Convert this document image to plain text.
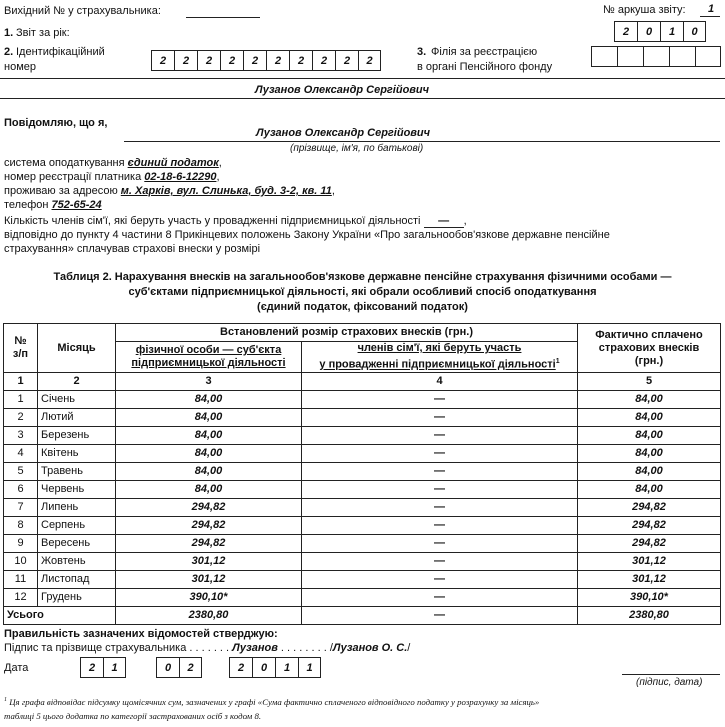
Вихідний № у страхувальника:	№ аркуша звіту: 1
1. Звіт за рік:	2	0	1	0
2. Ідентифікаційний
номер
2	2	2	2	2	2	2	2	2	2
3. Філія за реєстрацією
в органі Пенсійного фонду
Лузанов Олександр Сергійович
Повідомляю, що я,
Лузанов Олександр Сергійович
(прізвище, ім'я, по батькові)
система оподаткування єдиний податок,
номер реєстрації платника 02-18-6-12290,
проживаю за адресою м. Харків, вул. Слинька, буд. 3-2, кв. 11,
телефон 752-65-24
Кількість членів сім'ї, які беруть участь у провадженні підприємницької діяльності — ,
відповідно до пункту 4 частини 8 Прикінцевих положень Закону України «Про загальнообов'язкове державне пенсійне
страхування» сплачував страхові внески у розмірі
Таблиця 2. Нарахування внесків на загальнообов'язкове державне пенсійне страхування фізичними особами —
суб'єктами підприємницької діяльності, які обрали особливий спосіб оподаткування
(єдиний податок, фіксований податок)
№
з/п	Місяць	Встановлений розмір страхових внесків (грн.)		Фактично сплачено
страхових внесків
(грн.)
		фізичної особи — суб'єкта
підприємницької діяльності	членів сім'ї, які беруть участь
у провадженні підприємницької діяльності$^1$
1	2	3	4	5
1	Січень	84,00	—	84,00
2	Лютий	84,00	—	84,00
3	Березень	84,00	—	84,00
4	Квітень	84,00	—	84,00
5	Травень	84,00	—	84,00
6	Червень	84,00	—	84,00
7	Липень	294,82	—	294,82
8	Серпень	294,82	—	294,82
9	Вересень	294,82	—	294,82
10	Жовтень	301,12	—	301,12
11	Листопад	301,12	—	301,12
12	Грудень	390,10*	—	390,10*
Усього		2380,80	—	2380,80
Правильність зазначених відомостей стверджую:
Підпис та прізвище страхувальника . . . . . . . Лузанов . . . . . . . . /Лузанов О. С./
Дата	2	1	0	2	2	0	1	1
(підпис, дата)
$^1$ Ця графа відповідає підсумку щомісячних сум, зазначених у графі «Сума фактично сплаченого відповідного податку у розрахунку за місяць»
таблиці 5 цього додатка по категорії застрахованих осіб з кодом 8.
